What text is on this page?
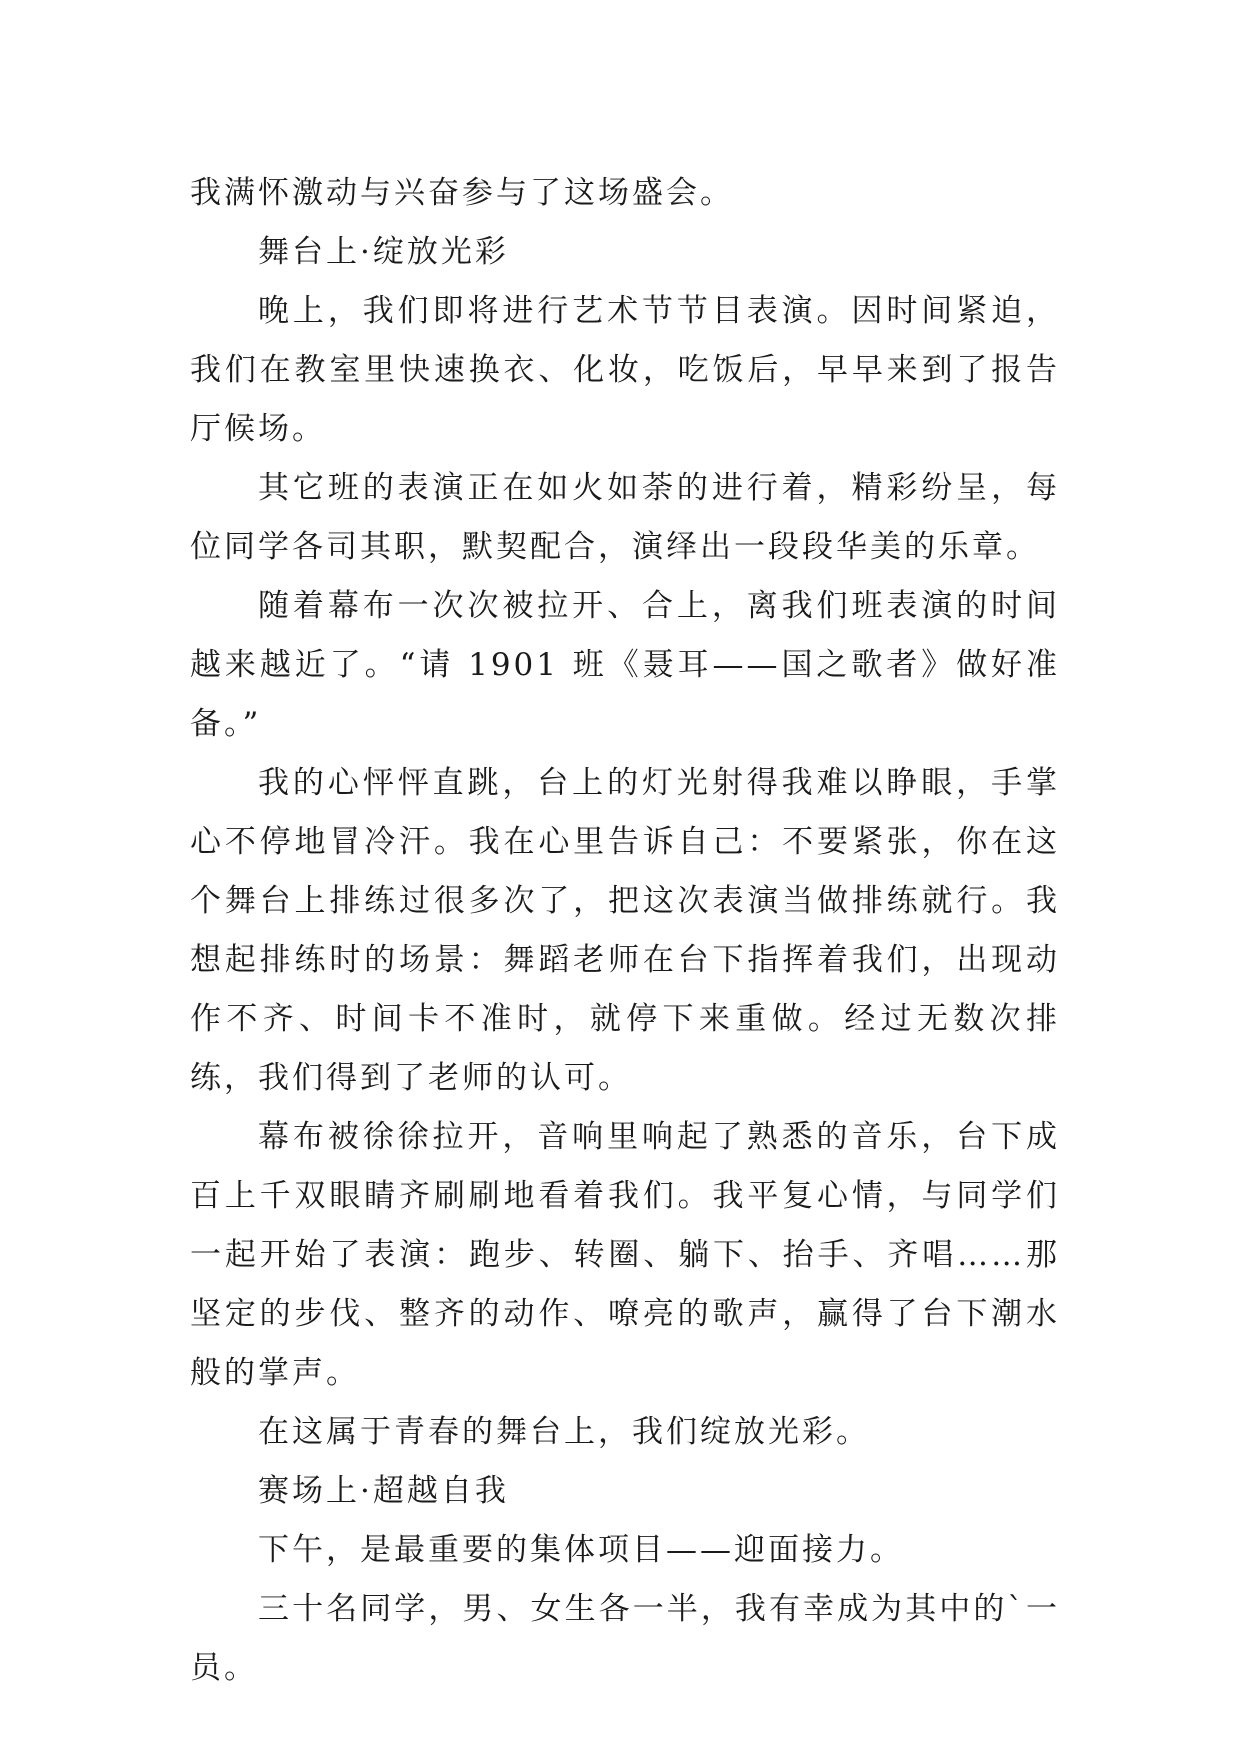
我满怀激动与兴奋参与了这场盛会。

舞台上·绽放光彩

晚上，我们即将进行艺术节节目表演。因时间紧迫，我们在教室里快速换衣、化妆，吃饭后，早早来到了报告厅候场。

其它班的表演正在如火如荼的进行着，精彩纷呈，每位同学各司其职，默契配合，演绎出一段段华美的乐章。

随着幕布一次次被拉开、合上，离我们班表演的时间越来越近了。“请 1901 班《聂耳——国之歌者》做好准备。”

我的心怦怦直跳，台上的灯光射得我难以睁眼，手掌心不停地冒冷汗。我在心里告诉自己：不要紧张，你在这个舞台上排练过很多次了，把这次表演当做排练就行。我想起排练时的场景：舞蹈老师在台下指挥着我们，出现动作不齐、时间卡不准时，就停下来重做。经过无数次排练，我们得到了老师的认可。

幕布被徐徐拉开，音响里响起了熟悉的音乐，台下成百上千双眼睛齐刷刷地看着我们。我平复心情，与同学们一起开始了表演：跑步、转圈、躺下、抬手、齐唱……那坚定的步伐、整齐的动作、嘹亮的歌声，赢得了台下潮水般的掌声。

在这属于青春的舞台上，我们绽放光彩。

赛场上·超越自我

下午，是最重要的集体项目——迎面接力。

三十名同学，男、女生各一半，我有幸成为其中的`一员。
